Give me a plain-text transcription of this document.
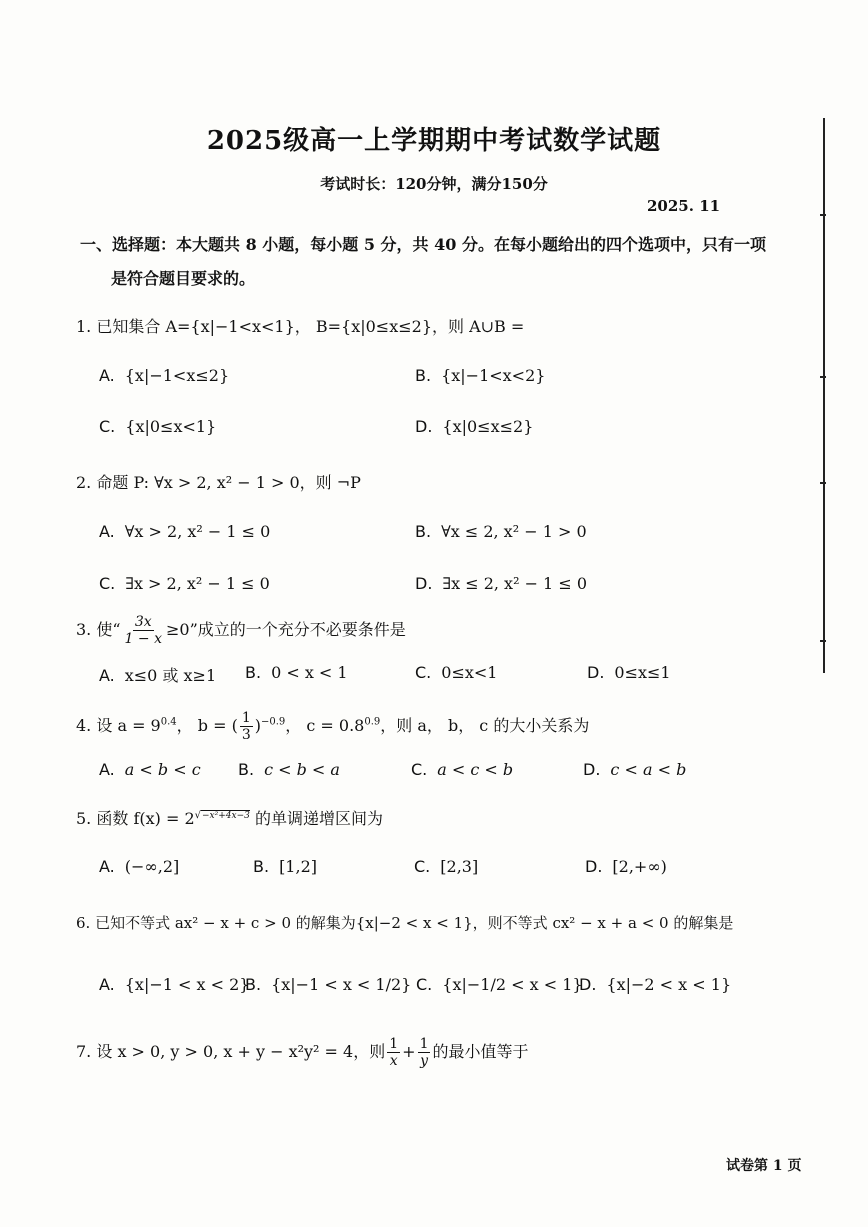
2025级高一上学期期中考试数学试题
考试时长：120分钟，满分150分
2025. 11
一、选择题：本大题共 8 小题，每小题 5 分，共 40 分。在每小题给出的四个选项中，只有一项
是符合题目要求的。
1. 已知集合 A={x|−1<x<1}， B={x|0≤x≤2}，则 A∪B =
A. {x|−1<x≤2}	B. {x|−1<x<2}
C. {x|0≤x<1}	D. {x|0≤x≤2}
2. 命题 P: ∀x > 2, x² − 1 > 0，则 ¬P
A. ∀x > 2, x² − 1 ≤ 0	B. ∀x ≤ 2, x² − 1 > 0
C. ∃x > 2, x² − 1 ≤ 0	D. ∃x ≤ 2, x² − 1 ≤ 0
3. 使“ $\frac{3x}{1 - x} \ge 0$”成立的一个充分不必要条件是
A. x≤0 或 x≥1 B. 0 < x < 1	C. 0≤x<1	D. 0≤x≤1
4. 设 $a = 9^{0.4}$， b = ( $\frac{1}{3} )^{-0.9}$， $c = 0.8^{0.9}$，则 a， b， c 的大小关系为
A. a < b < c B. c < b < a	C. a < c < b	D. c < a < b
5. 函数 $f(x) = 2^{√-x^2+4x-3}$ 的单调递增区间为
A. (−∞,2]	B. [1,2]	C. [2,3]	D. [2,+∞)
6. 已知不等式 ax² − x + c > 0 的解集为{x|−2 < x < 1}，则不等式 cx² − x + a < 0 的解集是
A. {x|−1 < x < 2}
B. {x|−1 < x < 1/2} C. {x|−1/2 < x < 1}
D. {x|−2 < x < 1}
7. 设 x > 0, y > 0, x + y − x²y² = 4，则 $\frac{1}{x} + \frac{1}{y}$ 的最小值等于
试卷第 1 页
